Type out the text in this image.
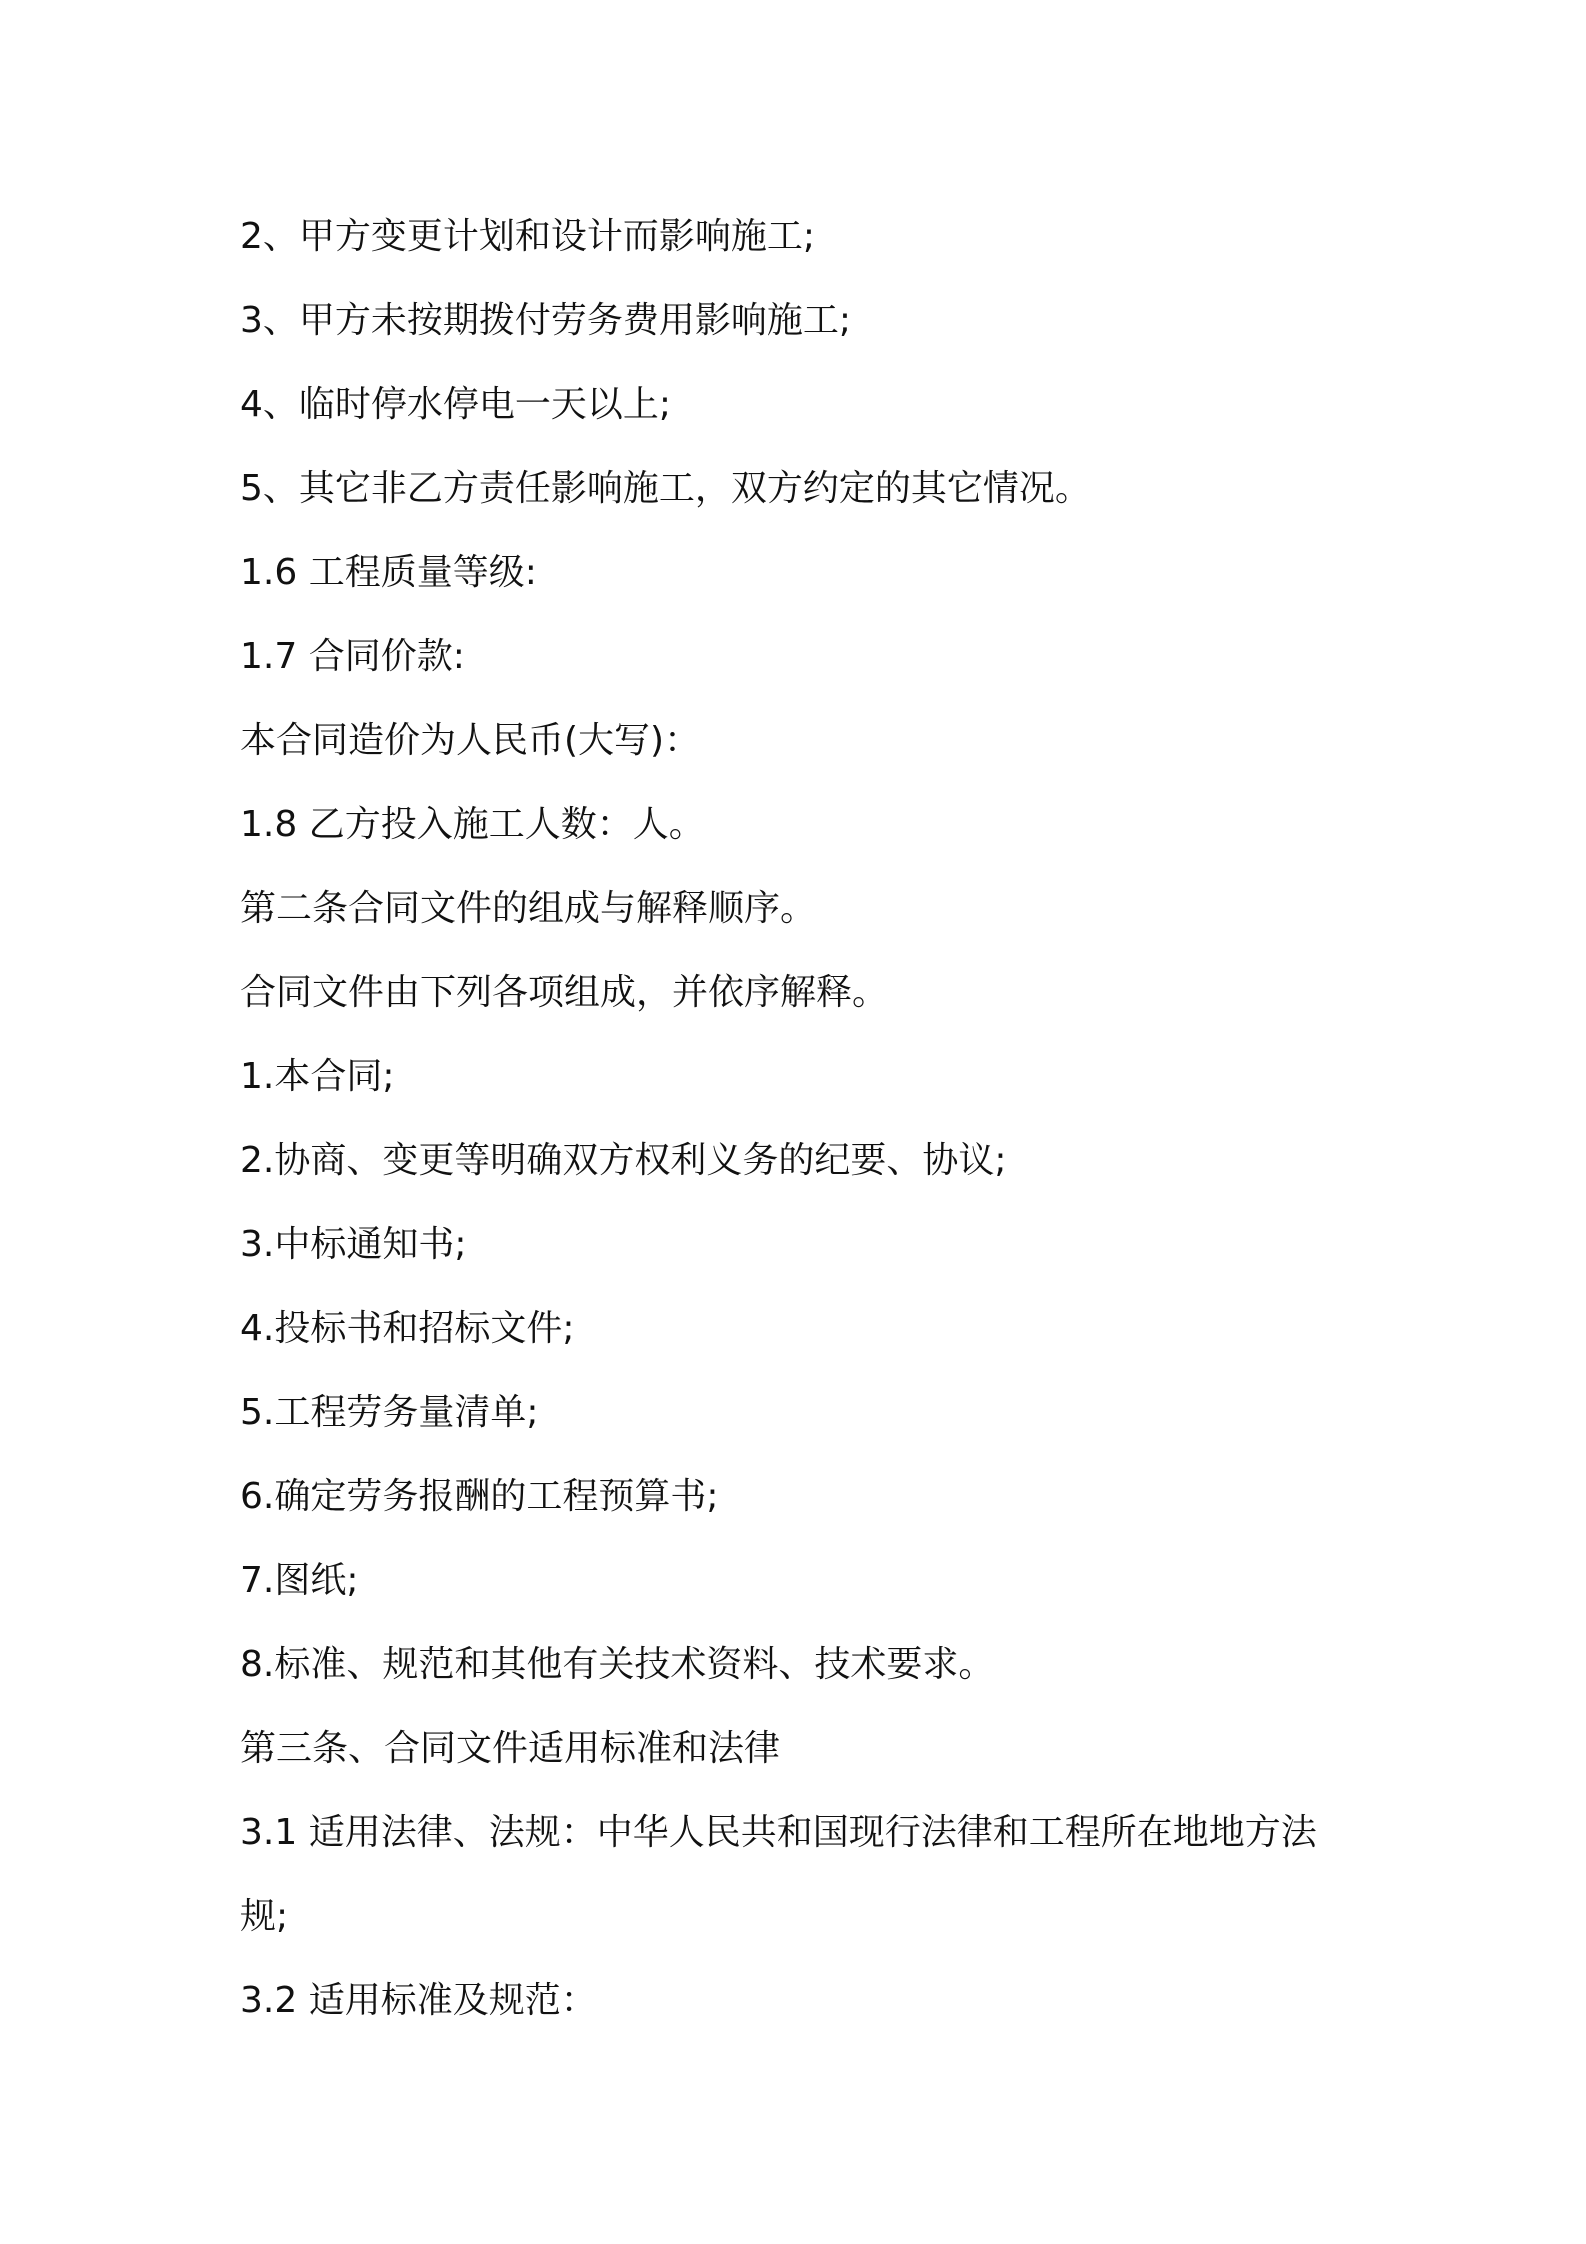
2、甲方变更计划和设计而影响施工;
3、甲方未按期拨付劳务费用影响施工;
4、临时停水停电一天以上;
5、其它非乙方责任影响施工，双方约定的其它情况。
1.6 工程质量等级:
1.7 合同价款:
本合同造价为人民币(大写)：
1.8 乙方投入施工人数：人。
第二条合同文件的组成与解释顺序。
合同文件由下列各项组成，并依序解释。
1.本合同;
2.协商、变更等明确双方权利义务的纪要、协议;
3.中标通知书;
4.投标书和招标文件;
5.工程劳务量清单;
6.确定劳务报酬的工程预算书;
7.图纸;
8.标准、规范和其他有关技术资料、技术要求。
第三条、合同文件适用标准和法律
3.1 适用法律、法规：中华人民共和国现行法律和工程所在地地方法
规;
3.2 适用标准及规范：
